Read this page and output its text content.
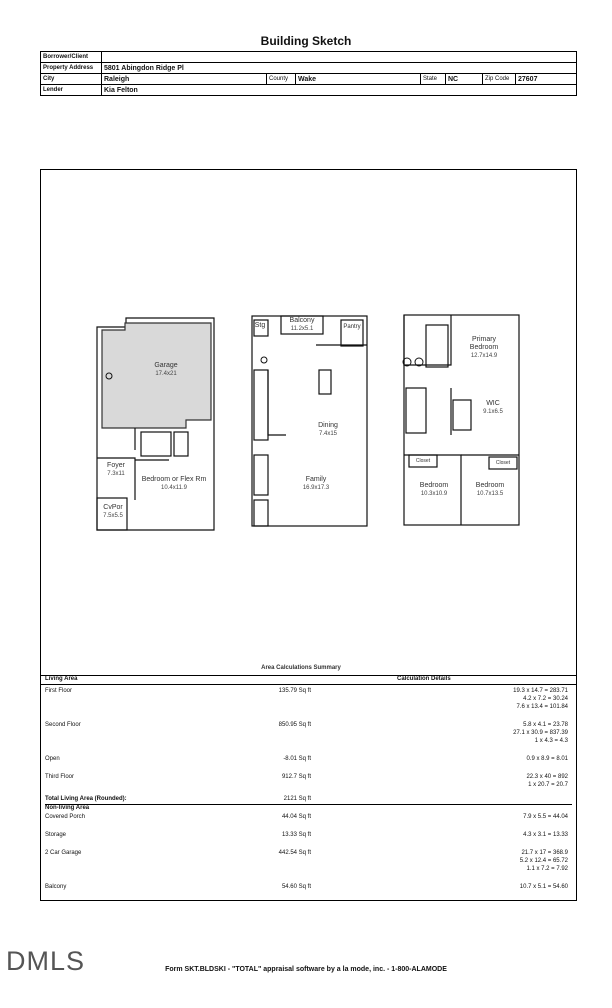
Building Sketch
Borrower/Client							
Property Address	5801 Abingdon Ridge Pl						
City	Raleigh	County	Wake	State	NC	Zip Code	27607
Lender	Kia Felton						
Garage
17.4x21
Foyer
7.3x11
Bedroom or Flex Rm
10.4x11.9
CvPor
7.5x5.5
Balcony
11.2x5.1
Stg	Pantry
Dining
7.4x15
Family
16.9x17.3
Primary Bedroom
12.7x14.9
WIC
9.1x6.5
Bedroom
10.3x10.9
Bedroom
10.7x13.5
Closet	Closet
Area Calculations Summary
Living Area	Calculation Details
First Floor	135.79 Sq ft	19.3 x 14.7 = 283.71
4.2 x 7.2 = 30.24
7.6 x 13.4 = 101.84
Second Floor	850.95 Sq ft	5.8 x 4.1 = 23.78
27.1 x 30.9 = 837.39
1 x 4.3 = 4.3
Open	-8.01 Sq ft	0.9 x 8.9 = 8.01
Third Floor	912.7 Sq ft	22.3 x 40 = 892
1 x 20.7 = 20.7
Total Living Area (Rounded):	2121 Sq ft
Non-living Area
Covered Porch	44.04 Sq ft	7.9 x 5.5 = 44.04
Storage	13.33 Sq ft	4.3 x 3.1 = 13.33
2 Car Garage	442.54 Sq ft	21.7 x 17 = 368.9
5.2 x 12.4 = 65.72
1.1 x 7.2 = 7.92
Balcony	54.60 Sq ft	10.7 x 5.1 = 54.60
DMLS	Form SKT.BLDSKI - "TOTAL" appraisal software by a la mode, inc. - 1-800-ALAMODE
